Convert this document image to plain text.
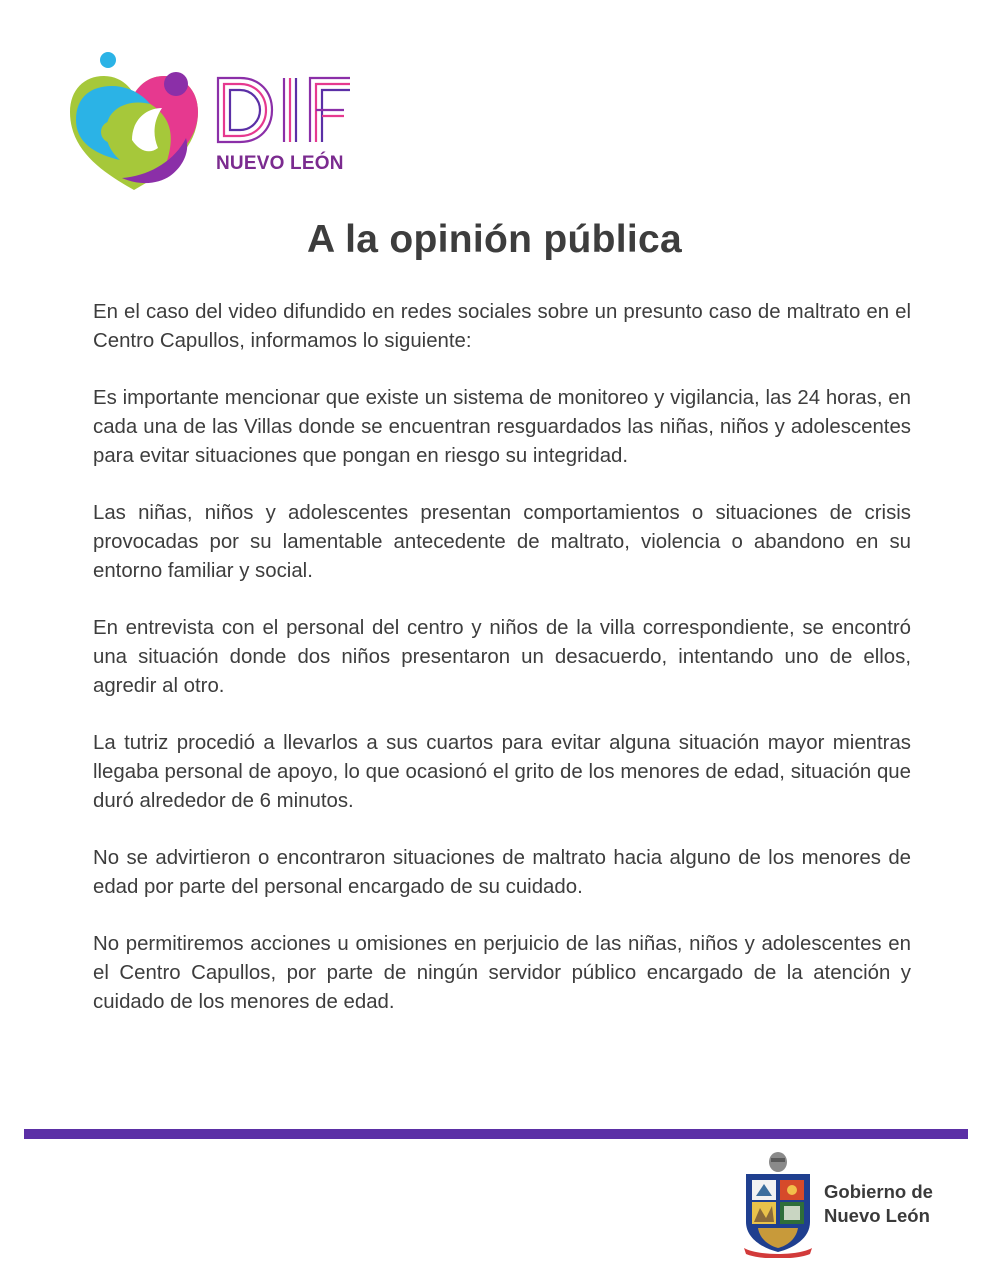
NUEVO LEÓN
A la opinión pública

En el caso del video difundido en redes sociales sobre un presunto caso de maltrato en el Centro Capullos, informamos lo siguiente:

Es importante mencionar que existe un sistema de monitoreo y vigilancia, las 24 horas, en cada una de las Villas donde se encuentran resguardados las niñas, niños y adolescentes para evitar situaciones que pongan en riesgo su integridad.

Las niñas, niños y adolescentes presentan comportamientos o situaciones de crisis provocadas por su lamentable antecedente de maltrato, violencia o abandono en su entorno familiar y social.

En entrevista con el personal del centro y niños de la villa correspondiente, se encontró una situación donde dos niños presentaron un desacuerdo, intentando uno de ellos, agredir al otro.

La tutriz procedió a llevarlos a sus cuartos para evitar alguna situación mayor mientras llegaba personal de apoyo, lo que ocasionó el grito de los menores de edad, situación que duró alrededor de 6 minutos.

No se advirtieron o encontraron situaciones de maltrato hacia alguno de los menores de edad por parte del personal encargado de su cuidado.

No permitiremos acciones u omisiones en perjuicio de las niñas, niños y adolescentes en el Centro Capullos, por parte de ningún servidor público encargado de la atención y cuidado de los menores de edad.

Gobierno de
Nuevo León
